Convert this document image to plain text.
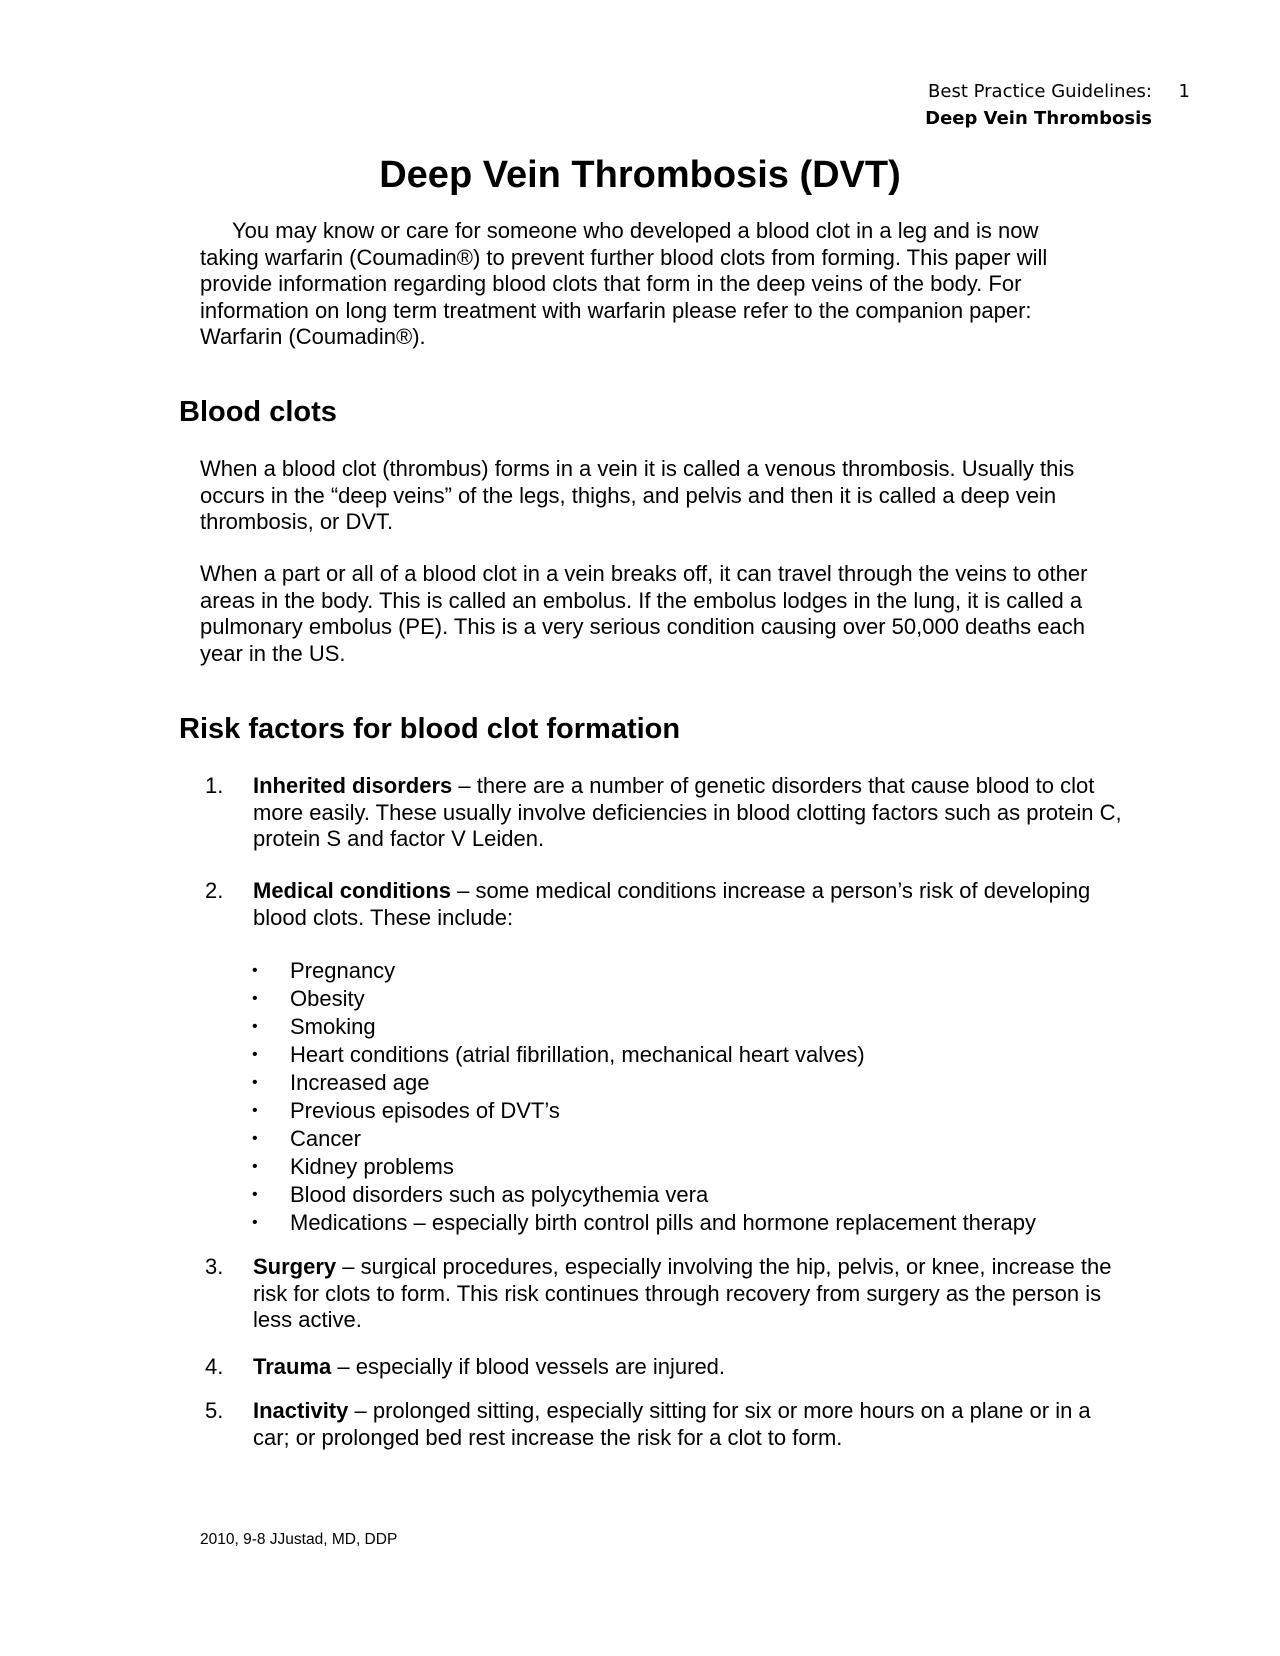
Best Practice Guidelines: 1
Deep Vein Thrombosis
Deep Vein Thrombosis (DVT)

You may know or care for someone who developed a blood clot in a leg and is now taking warfarin (Coumadin®) to prevent further blood clots from forming. This paper will provide information regarding blood clots that form in the deep veins of the body. For information on long term treatment with warfarin please refer to the companion paper: Warfarin (Coumadin®).

Blood clots

When a blood clot (thrombus) forms in a vein it is called a venous thrombosis. Usually this occurs in the “deep veins” of the legs, thighs, and pelvis and then it is called a deep vein thrombosis, or DVT.

When a part or all of a blood clot in a vein breaks off, it can travel through the veins to other areas in the body. This is called an embolus. If the embolus lodges in the lung, it is called a pulmonary embolus (PE). This is a very serious condition causing over 50,000 deaths each year in the US.

Risk factors for blood clot formation
1. Inherited disorders – there are a number of genetic disorders that cause blood to clot more easily. These usually involve deficiencies in blood clotting factors such as protein C, protein S and factor V Leiden.
2. Medical conditions – some medical conditions increase a person’s risk of developing blood clots. These include:
• Pregnancy
• Obesity
• Smoking
• Heart conditions (atrial fibrillation, mechanical heart valves)
• Increased age
• Previous episodes of DVT’s
• Cancer
• Kidney problems
• Blood disorders such as polycythemia vera
• Medications – especially birth control pills and hormone replacement therapy
3. Surgery – surgical procedures, especially involving the hip, pelvis, or knee, increase the risk for clots to form. This risk continues through recovery from surgery as the person is less active.
4. Trauma – especially if blood vessels are injured.
5. Inactivity – prolonged sitting, especially sitting for six or more hours on a plane or in a car; or prolonged bed rest increase the risk for a clot to form.
2010, 9-8 JJustad, MD, DDP
